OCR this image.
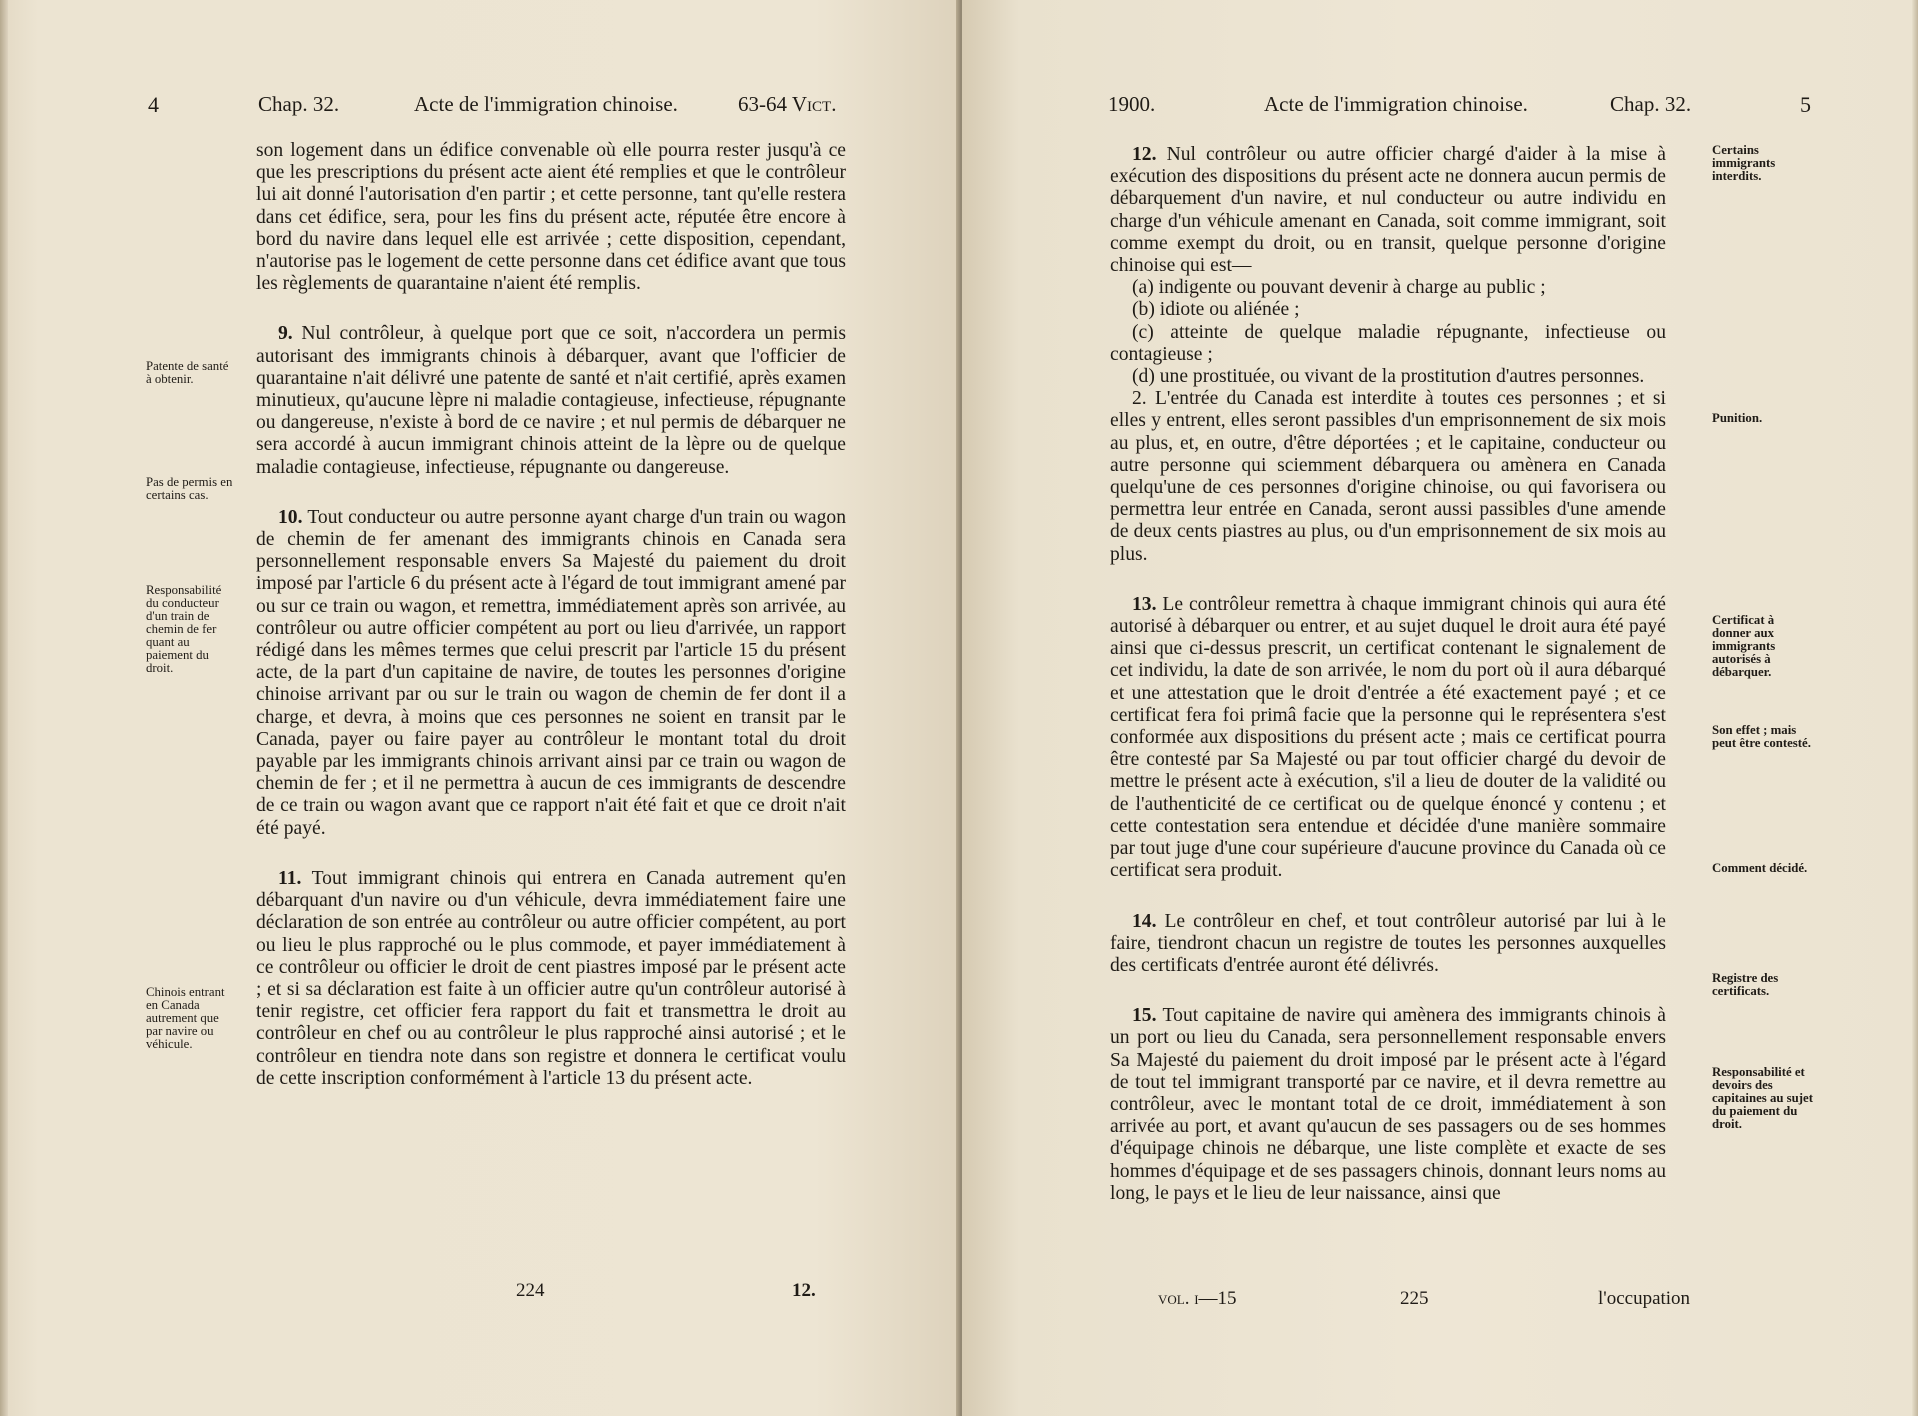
4	Chap. 32.	Acte de l'immigration chinoise.	63-64 Vict.

son logement dans un édifice convenable où elle pourra rester jusqu'à ce que les prescriptions du présent acte aient été remplies et que le contrôleur lui ait donné l'autorisation d'en partir ; et cette personne, tant qu'elle restera dans cet édifice, sera, pour les fins du présent acte, réputée être encore à bord du navire dans lequel elle est arrivée ; cette disposition, cependant, n'autorise pas le logement de cette personne dans cet édifice avant que tous les règlements de quarantaine n'aient été remplis.

9. Nul contrôleur, à quelque port que ce soit, n'accordera un permis autorisant des immigrants chinois à débarquer, avant que l'officier de quarantaine n'ait délivré une patente de santé et n'ait certifié, après examen minutieux, qu'aucune lèpre ni maladie contagieuse, infectieuse, répugnante ou dangereuse, n'existe à bord de ce navire ; et nul permis de débarquer ne sera accordé à aucun immigrant chinois atteint de la lèpre ou de quelque maladie contagieuse, infectieuse, répugnante ou dangereuse.

10. Tout conducteur ou autre personne ayant charge d'un train ou wagon de chemin de fer amenant des immigrants chinois en Canada sera personnellement responsable envers Sa Majesté du paiement du droit imposé par l'article 6 du présent acte à l'égard de tout immigrant amené par ou sur ce train ou wagon, et remettra, immédiatement après son arrivée, au contrôleur ou autre officier compétent au port ou lieu d'arrivée, un rapport rédigé dans les mêmes termes que celui prescrit par l'article 15 du présent acte, de la part d'un capitaine de navire, de toutes les personnes d'origine chinoise arrivant par ou sur le train ou wagon de chemin de fer dont il a charge, et devra, à moins que ces personnes ne soient en transit par le Canada, payer ou faire payer au contrôleur le montant total du droit payable par les immigrants chinois arrivant ainsi par ce train ou wagon de chemin de fer ; et il ne permettra à aucun de ces immigrants de descendre de ce train ou wagon avant que ce rapport n'ait été fait et que ce droit n'ait été payé.

11. Tout immigrant chinois qui entrera en Canada autrement qu'en débarquant d'un navire ou d'un véhicule, devra immédiatement faire une déclaration de son entrée au contrôleur ou autre officier compétent, au port ou lieu le plus rapproché ou le plus commode, et payer immédiatement à ce contrôleur ou officier le droit de cent piastres imposé par le présent acte ; et si sa déclaration est faite à un officier autre qu'un contrôleur autorisé à tenir registre, cet officier fera rapport du fait et transmettra le droit au contrôleur en chef ou au contrôleur le plus rapproché ainsi autorisé ; et le contrôleur en tiendra note dans son registre et donnera le certificat voulu de cette inscription conformément à l'article 13 du présent acte.

Patente de santé à obtenir.
Pas de permis en certains cas.
Responsabilité du conducteur d'un train de chemin de fer quant au paiement du droit.
Chinois entrant en Canada autrement que par navire ou véhicule.
224	12.
1900.	Acte de l'immigration chinoise.	Chap. 32.	5

12. Nul contrôleur ou autre officier chargé d'aider à la mise à exécution des dispositions du présent acte ne donnera aucun permis de débarquement d'un navire, et nul conducteur ou autre individu en charge d'un véhicule amenant en Canada, soit comme immigrant, soit comme exempt du droit, ou en transit, quelque personne d'origine chinoise qui est—

(a) indigente ou pouvant devenir à charge au public ;

(b) idiote ou aliénée ;

(c) atteinte de quelque maladie répugnante, infectieuse ou contagieuse ;

(d) une prostituée, ou vivant de la prostitution d'autres personnes.

2. L'entrée du Canada est interdite à toutes ces personnes ; et si elles y entrent, elles seront passibles d'un emprisonnement de six mois au plus, et, en outre, d'être déportées ; et le capitaine, conducteur ou autre personne qui sciemment débarquera ou amènera en Canada quelqu'une de ces personnes d'origine chinoise, ou qui favorisera ou permettra leur entrée en Canada, seront aussi passibles d'une amende de deux cents piastres au plus, ou d'un emprisonnement de six mois au plus.

13. Le contrôleur remettra à chaque immigrant chinois qui aura été autorisé à débarquer ou entrer, et au sujet duquel le droit aura été payé ainsi que ci-dessus prescrit, un certificat contenant le signalement de cet individu, la date de son arrivée, le nom du port où il aura débarqué et une attestation que le droit d'entrée a été exactement payé ; et ce certificat fera foi primâ facie que la personne qui le représentera s'est conformée aux dispositions du présent acte ; mais ce certificat pourra être contesté par Sa Majesté ou par tout officier chargé du devoir de mettre le présent acte à exécution, s'il a lieu de douter de la validité ou de l'authenticité de ce certificat ou de quelque énoncé y contenu ; et cette contestation sera entendue et décidée d'une manière sommaire par tout juge d'une cour supérieure d'aucune province du Canada où ce certificat sera produit.

14. Le contrôleur en chef, et tout contrôleur autorisé par lui à le faire, tiendront chacun un registre de toutes les personnes auxquelles des certificats d'entrée auront été délivrés.

15. Tout capitaine de navire qui amènera des immigrants chinois à un port ou lieu du Canada, sera personnellement responsable envers Sa Majesté du paiement du droit imposé par le présent acte à l'égard de tout tel immigrant transporté par ce navire, et il devra remettre au contrôleur, avec le montant total de ce droit, immédiatement à son arrivée au port, et avant qu'aucun de ses passagers ou de ses hommes d'équipage chinois ne débarque, une liste complète et exacte de ses hommes d'équipage et de ses passagers chinois, donnant leurs noms au long, le pays et le lieu de leur naissance, ainsi que

Certains immigrants interdits.
Punition.
Certificat à donner aux immigrants autorisés à débarquer.
Son effet ; mais peut être contesté.
Comment décidé.
Registre des certificats.
Responsabilité et devoirs des capitaines au sujet du paiement du droit.
vol. i—15	225	l'occupation
